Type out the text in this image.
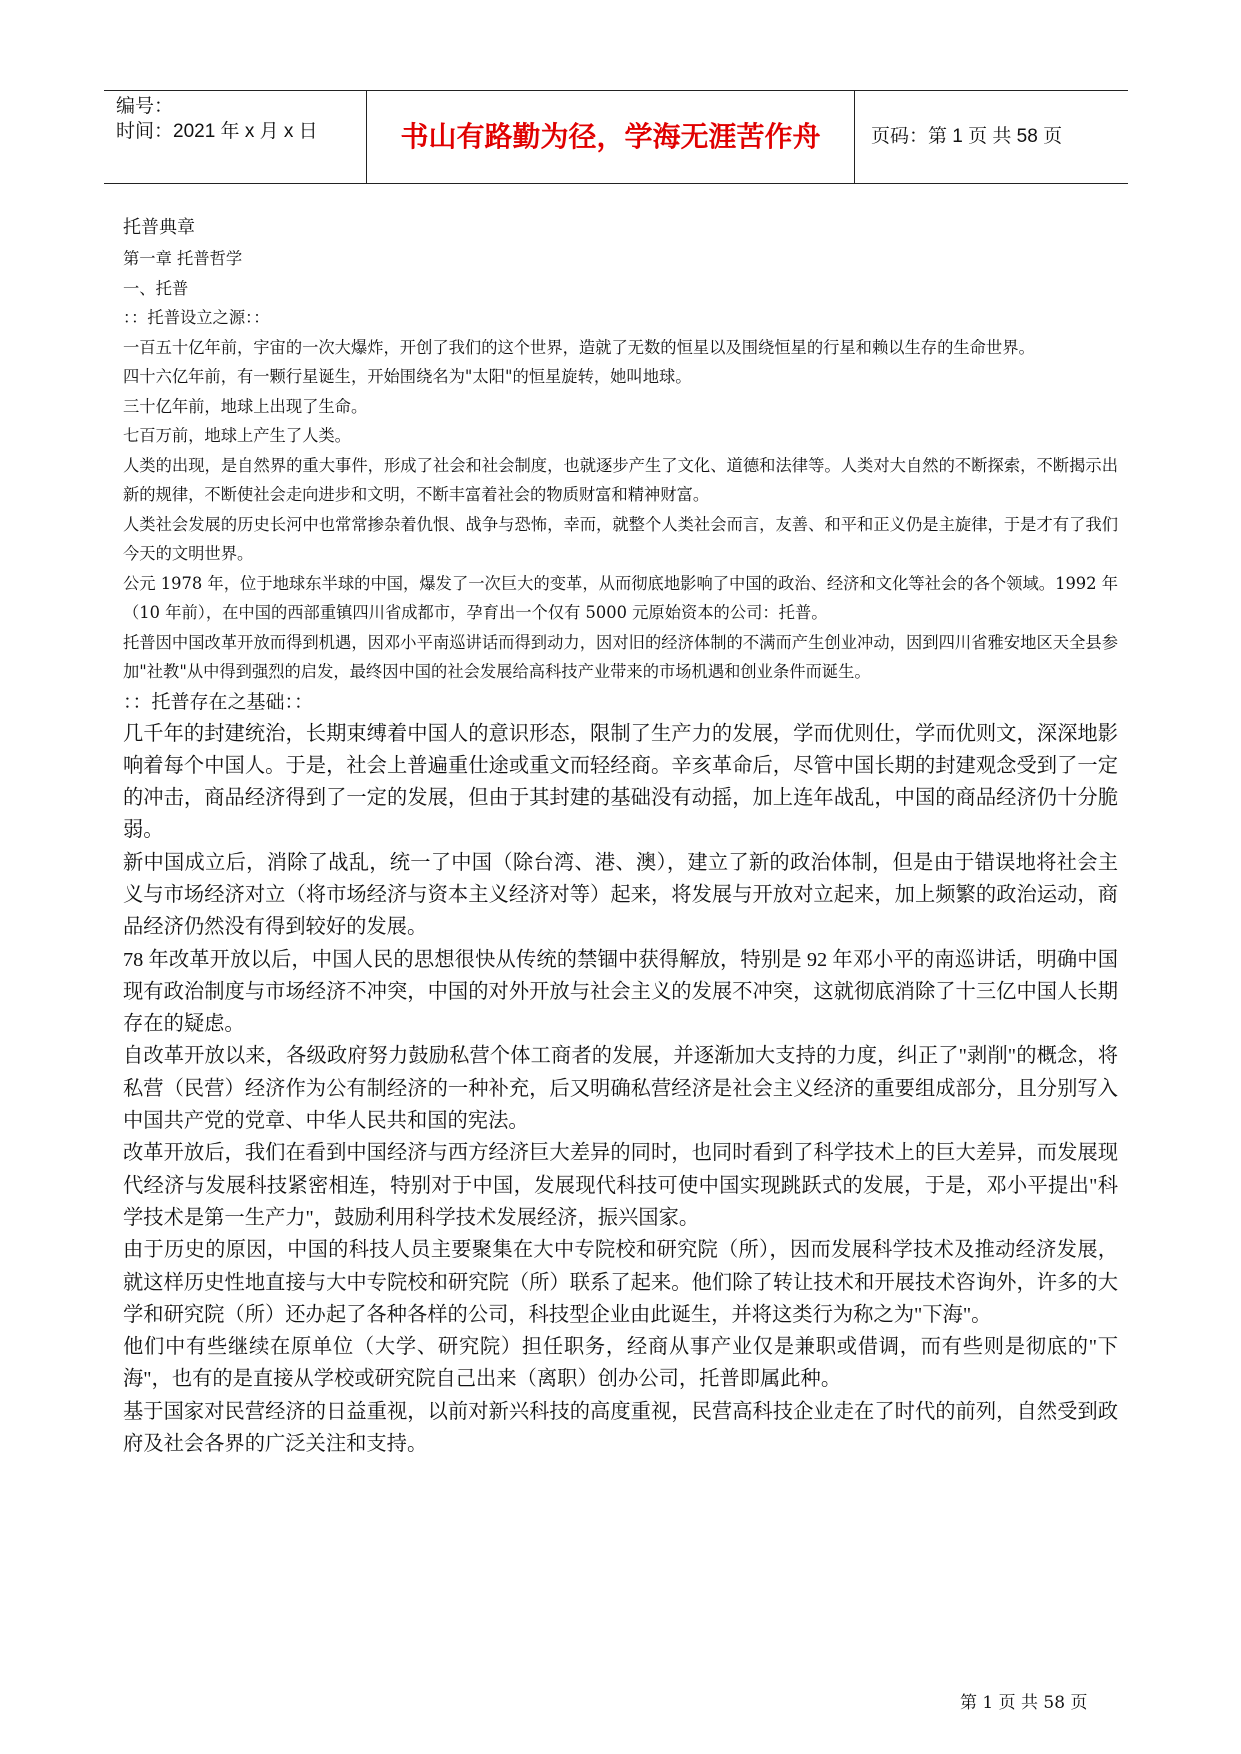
编号：
时间：2021 年 x 月 x 日	书山有路勤为径，学海无涯苦作舟	页码：第 1 页 共 58 页

托普典章

第一章 托普哲学

一、托普

：：托普设立之源：：

一百五十亿年前，宇宙的一次大爆炸，开创了我们的这个世界，造就了无数的恒星以及围绕恒星的行星和赖以生存的生命世界。

四十六亿年前，有一颗行星诞生，开始围绕名为"太阳"的恒星旋转，她叫地球。

三十亿年前，地球上出现了生命。

七百万前，地球上产生了人类。

人类的出现，是自然界的重大事件，形成了社会和社会制度，也就逐步产生了文化、道德和法律等。人类对大自然的不断探索，不断揭示出新的规律，不断使社会走向进步和文明，不断丰富着社会的物质财富和精神财富。

人类社会发展的历史长河中也常常掺杂着仇恨、战争与恐怖，幸而，就整个人类社会而言，友善、和平和正义仍是主旋律，于是才有了我们今天的文明世界。

公元 1978 年，位于地球东半球的中国，爆发了一次巨大的变革，从而彻底地影响了中国的政治、经济和文化等社会的各个领域。1992 年（10 年前），在中国的西部重镇四川省成都市，孕育出一个仅有 5000 元原始资本的公司：托普。

托普因中国改革开放而得到机遇，因邓小平南巡讲话而得到动力，因对旧的经济体制的不满而产生创业冲动，因到四川省雅安地区天全县参加"社教"从中得到强烈的启发，最终因中国的社会发展给高科技产业带来的市场机遇和创业条件而诞生。

：：托普存在之基础：：

几千年的封建统治，长期束缚着中国人的意识形态，限制了生产力的发展，学而优则仕，学而优则文，深深地影响着每个中国人。于是，社会上普遍重仕途或重文而轻经商。辛亥革命后，尽管中国长期的封建观念受到了一定的冲击，商品经济得到了一定的发展，但由于其封建的基础没有动摇，加上连年战乱，中国的商品经济仍十分脆弱。

新中国成立后，消除了战乱，统一了中国（除台湾、港、澳），建立了新的政治体制，但是由于错误地将社会主义与市场经济对立（将市场经济与资本主义经济对等）起来，将发展与开放对立起来，加上频繁的政治运动，商品经济仍然没有得到较好的发展。

78 年改革开放以后，中国人民的思想很快从传统的禁锢中获得解放，特别是 92 年邓小平的南巡讲话，明确中国现有政治制度与市场经济不冲突，中国的对外开放与社会主义的发展不冲突，这就彻底消除了十三亿中国人长期存在的疑虑。

自改革开放以来，各级政府努力鼓励私营个体工商者的发展，并逐渐加大支持的力度，纠正了"剥削"的概念，将私营（民营）经济作为公有制经济的一种补充，后又明确私营经济是社会主义经济的重要组成部分，且分别写入中国共产党的党章、中华人民共和国的宪法。

改革开放后，我们在看到中国经济与西方经济巨大差异的同时，也同时看到了科学技术上的巨大差异，而发展现代经济与发展科技紧密相连，特别对于中国，发展现代科技可使中国实现跳跃式的发展，于是，邓小平提出"科学技术是第一生产力"，鼓励利用科学技术发展经济，振兴国家。

由于历史的原因，中国的科技人员主要聚集在大中专院校和研究院（所），因而发展科学技术及推动经济发展，就这样历史性地直接与大中专院校和研究院（所）联系了起来。他们除了转让技术和开展技术咨询外，许多的大学和研究院（所）还办起了各种各样的公司，科技型企业由此诞生，并将这类行为称之为"下海"。

他们中有些继续在原单位（大学、研究院）担任职务，经商从事产业仅是兼职或借调，而有些则是彻底的"下海"，也有的是直接从学校或研究院自己出来（离职）创办公司，托普即属此种。

基于国家对民营经济的日益重视，以前对新兴科技的高度重视，民营高科技企业走在了时代的前列，自然受到政府及社会各界的广泛关注和支持。

第 1 页 共 58 页
